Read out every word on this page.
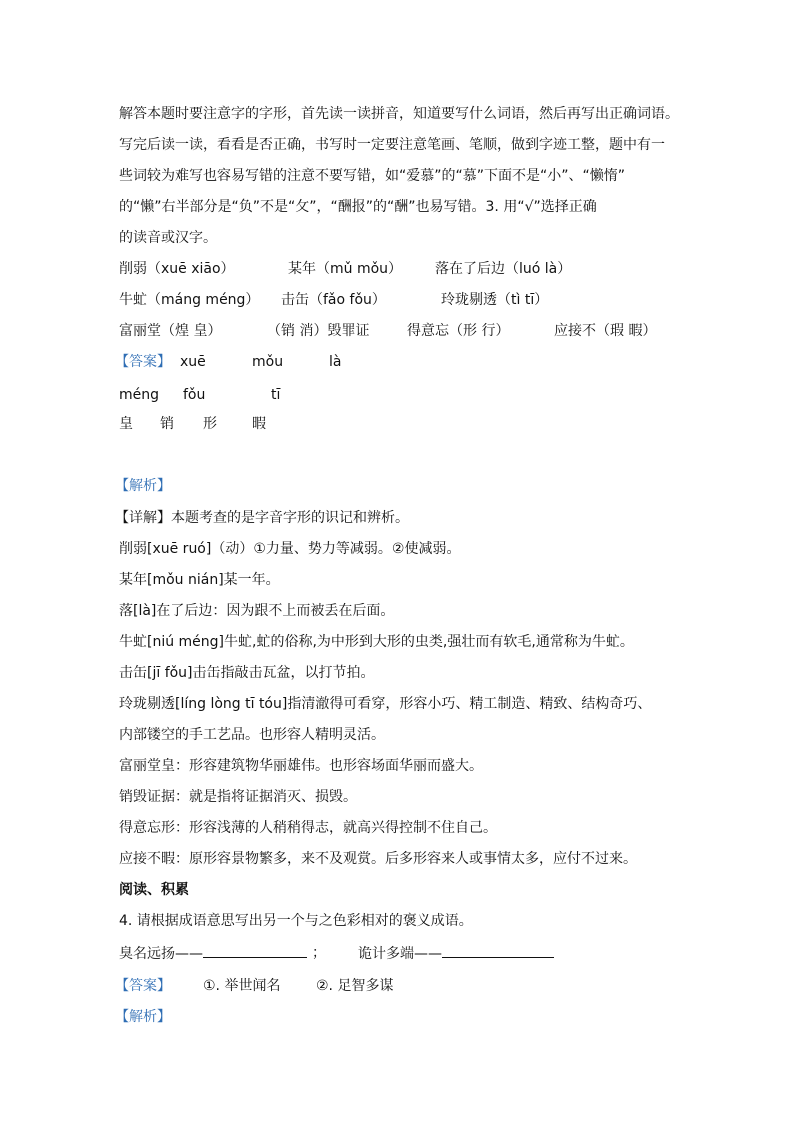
解答本题时要注意字的字形，首先读一读拼音，知道要写什么词语，然后再写出正确词语。
写完后读一读，看看是否正确，书写时一定要注意笔画、笔顺，做到字迹工整，题中有一
些词较为难写也容易写错的注意不要写错，如“爱慕”的“慕”下面不是“小”、“懒惰”
的“懒”右半部分是“负”不是“攵”，“酬报”的“酬”也易写错。3. 用“√”选择正确
的读音或汉字。
削弱（xuē xiāo）	某年（mǔ mǒu） 落在了后边（luó là）
牛虻（máng méng） 击缶（fǎo fǒu）	玲珑剔透（tì tī）
富丽堂（煌 皇）	（销 消）毁罪证	得意忘（形 行）	应接不（瑕 暇）
【答案】 xuē	mǒu	là
méng fǒu	tī
皇 销 形	暇
【解析】
【详解】本题考查的是字音字形的识记和辨析。
削弱[xuē ruó]（动）①力量、势力等减弱。②使减弱。
某年[mǒu nián]某一年。
落[là]在了后边：因为跟不上而被丢在后面。
牛虻[niú méng]牛虻,虻的俗称,为中形到大形的虫类,强壮而有软毛,通常称为牛虻。
击缶[jī fǒu]击缶指敲击瓦盆，以打节拍。
玲珑剔透[líng lòng tī tóu]指清澈得可看穿，形容小巧、精工制造、精致、结构奇巧、
内部镂空的手工艺品。也形容人精明灵活。
富丽堂皇：形容建筑物华丽雄伟。也形容场面华丽而盛大。
销毁证据：就是指将证据消灭、损毁。
得意忘形：形容浅薄的人稍稍得志，就高兴得控制不住自己。
应接不暇：原形容景物繁多，来不及观赏。后多形容来人或事情太多，应付不过来。
阅读、积累
4. 请根据成语意思写出另一个与之色彩相对的褒义成语。
臭名远扬——	； 诡计多端——
【答案】 ①. 举世闻名	②. 足智多谋
【解析】
